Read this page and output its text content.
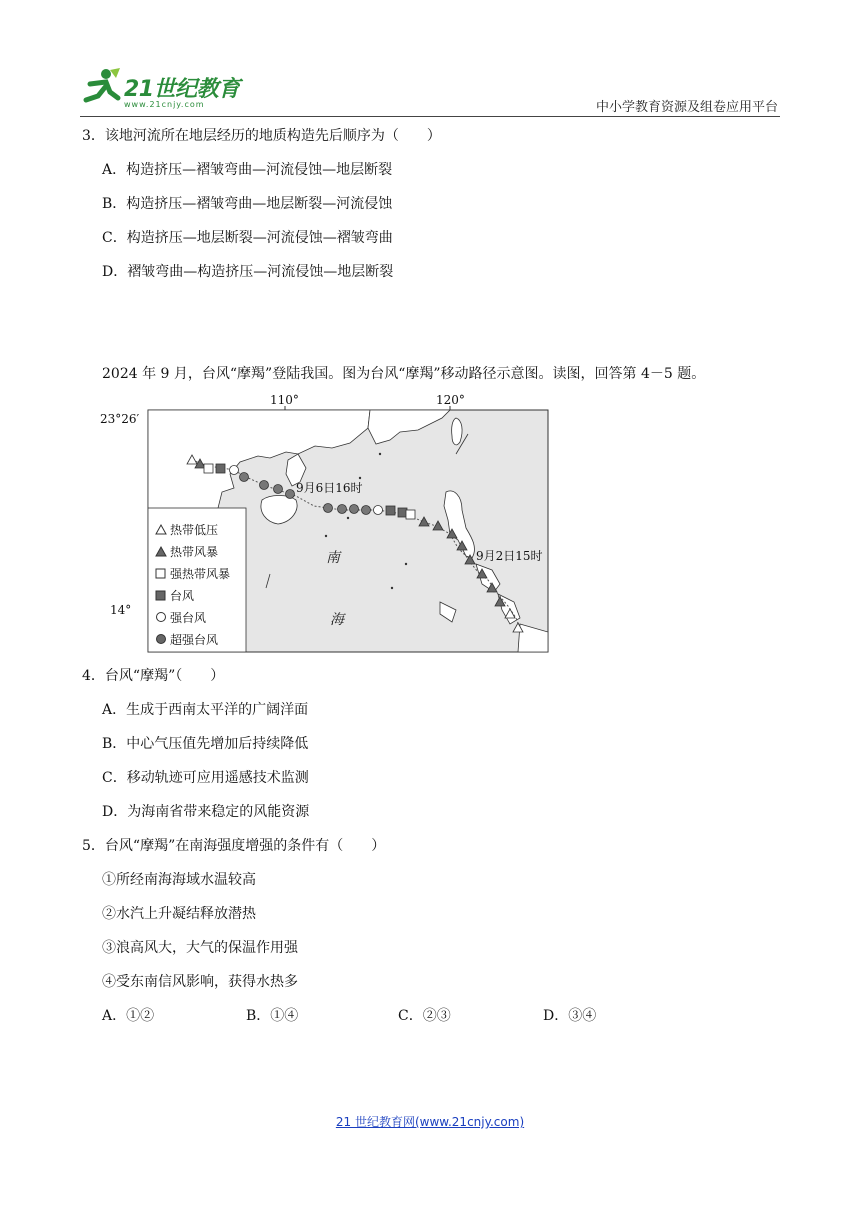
21世纪教育
www.21cnjy.com	中小学教育资源及组卷应用平台
3．该地河流所在地层经历的地质构造先后顺序为（　　）
A．构造挤压—褶皱弯曲—河流侵蚀—地层断裂
B．构造挤压—褶皱弯曲—地层断裂—河流侵蚀
C．构造挤压—地层断裂—河流侵蚀—褶皱弯曲
D．褶皱弯曲—构造挤压—河流侵蚀—地层断裂
2024 年 9 月，台风“摩羯”登陆我国。图为台风“摩羯”移动路径示意图。读图，回答第 4－5 题。
23°26′
14°
110°	120°
热带低压
热带风暴
强热带风暴
台风
强台风
超强台风
9月6日16时
9月2日15时
南
海
4．台风“摩羯”（　　）
A．生成于西南太平洋的广阔洋面
B．中心气压值先增加后持续降低
C．移动轨迹可应用遥感技术监测
D．为海南省带来稳定的风能资源
5．台风“摩羯”在南海强度增强的条件有（　　）
①所经南海海域水温较高
②水汽上升凝结释放潜热
③浪高风大，大气的保温作用强
④受东南信风影响，获得水热多
A．①②	B．①④	C．②③	D．③④
21 世纪教育网(www.21cnjy.com)
